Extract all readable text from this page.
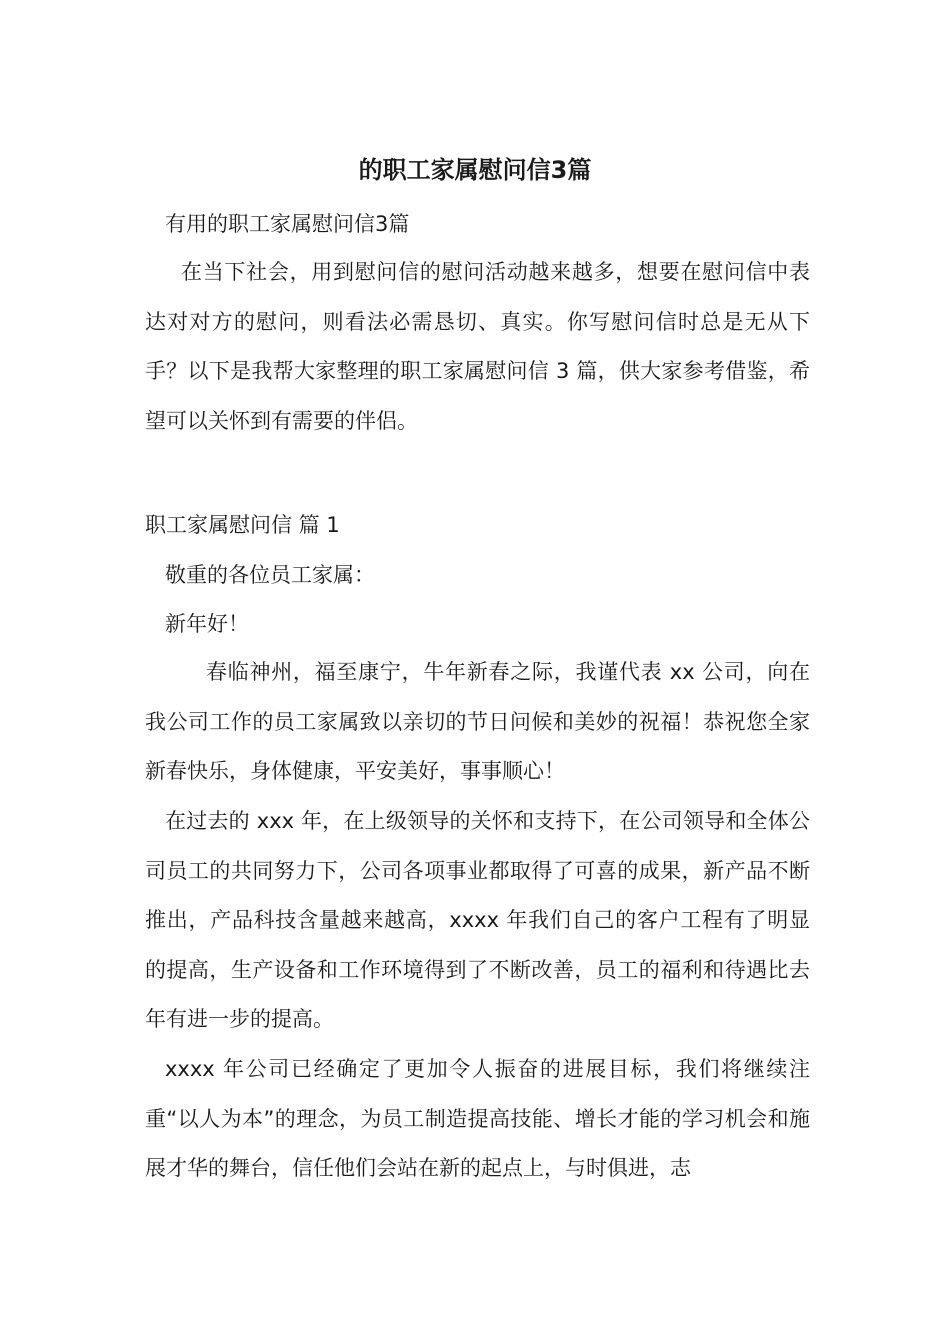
的职工家属慰问信3篇
有用的职工家属慰问信3篇
在当下社会，用到慰问信的慰问活动越来越多，想要在慰问信中表达对对方的慰问，则看法必需恳切、真实。你写慰问信时总是无从下手？以下是我帮大家整理的职工家属慰问信 3 篇，供大家参考借鉴，希望可以关怀到有需要的伴侣。
职工家属慰问信 篇 1
敬重的各位员工家属：
新年好！
春临神州，福至康宁，牛年新春之际，我谨代表 xx 公司，向在我公司工作的员工家属致以亲切的节日问候和美妙的祝福！恭祝您全家新春快乐，身体健康，平安美好，事事顺心！
在过去的 xxx 年，在上级领导的关怀和支持下，在公司领导和全体公司员工的共同努力下，公司各项事业都取得了可喜的成果，新产品不断推出，产品科技含量越来越高，xxxx 年我们自己的客户工程有了明显的提高，生产设备和工作环境得到了不断改善，员工的福利和待遇比去年有进一步的提高。
xxxx 年公司已经确定了更加令人振奋的进展目标，我们将继续注重“以人为本”的理念，为员工制造提高技能、增长才能的学习机会和施展才华的舞台，信任他们会站在新的起点上，与时俱进，志
